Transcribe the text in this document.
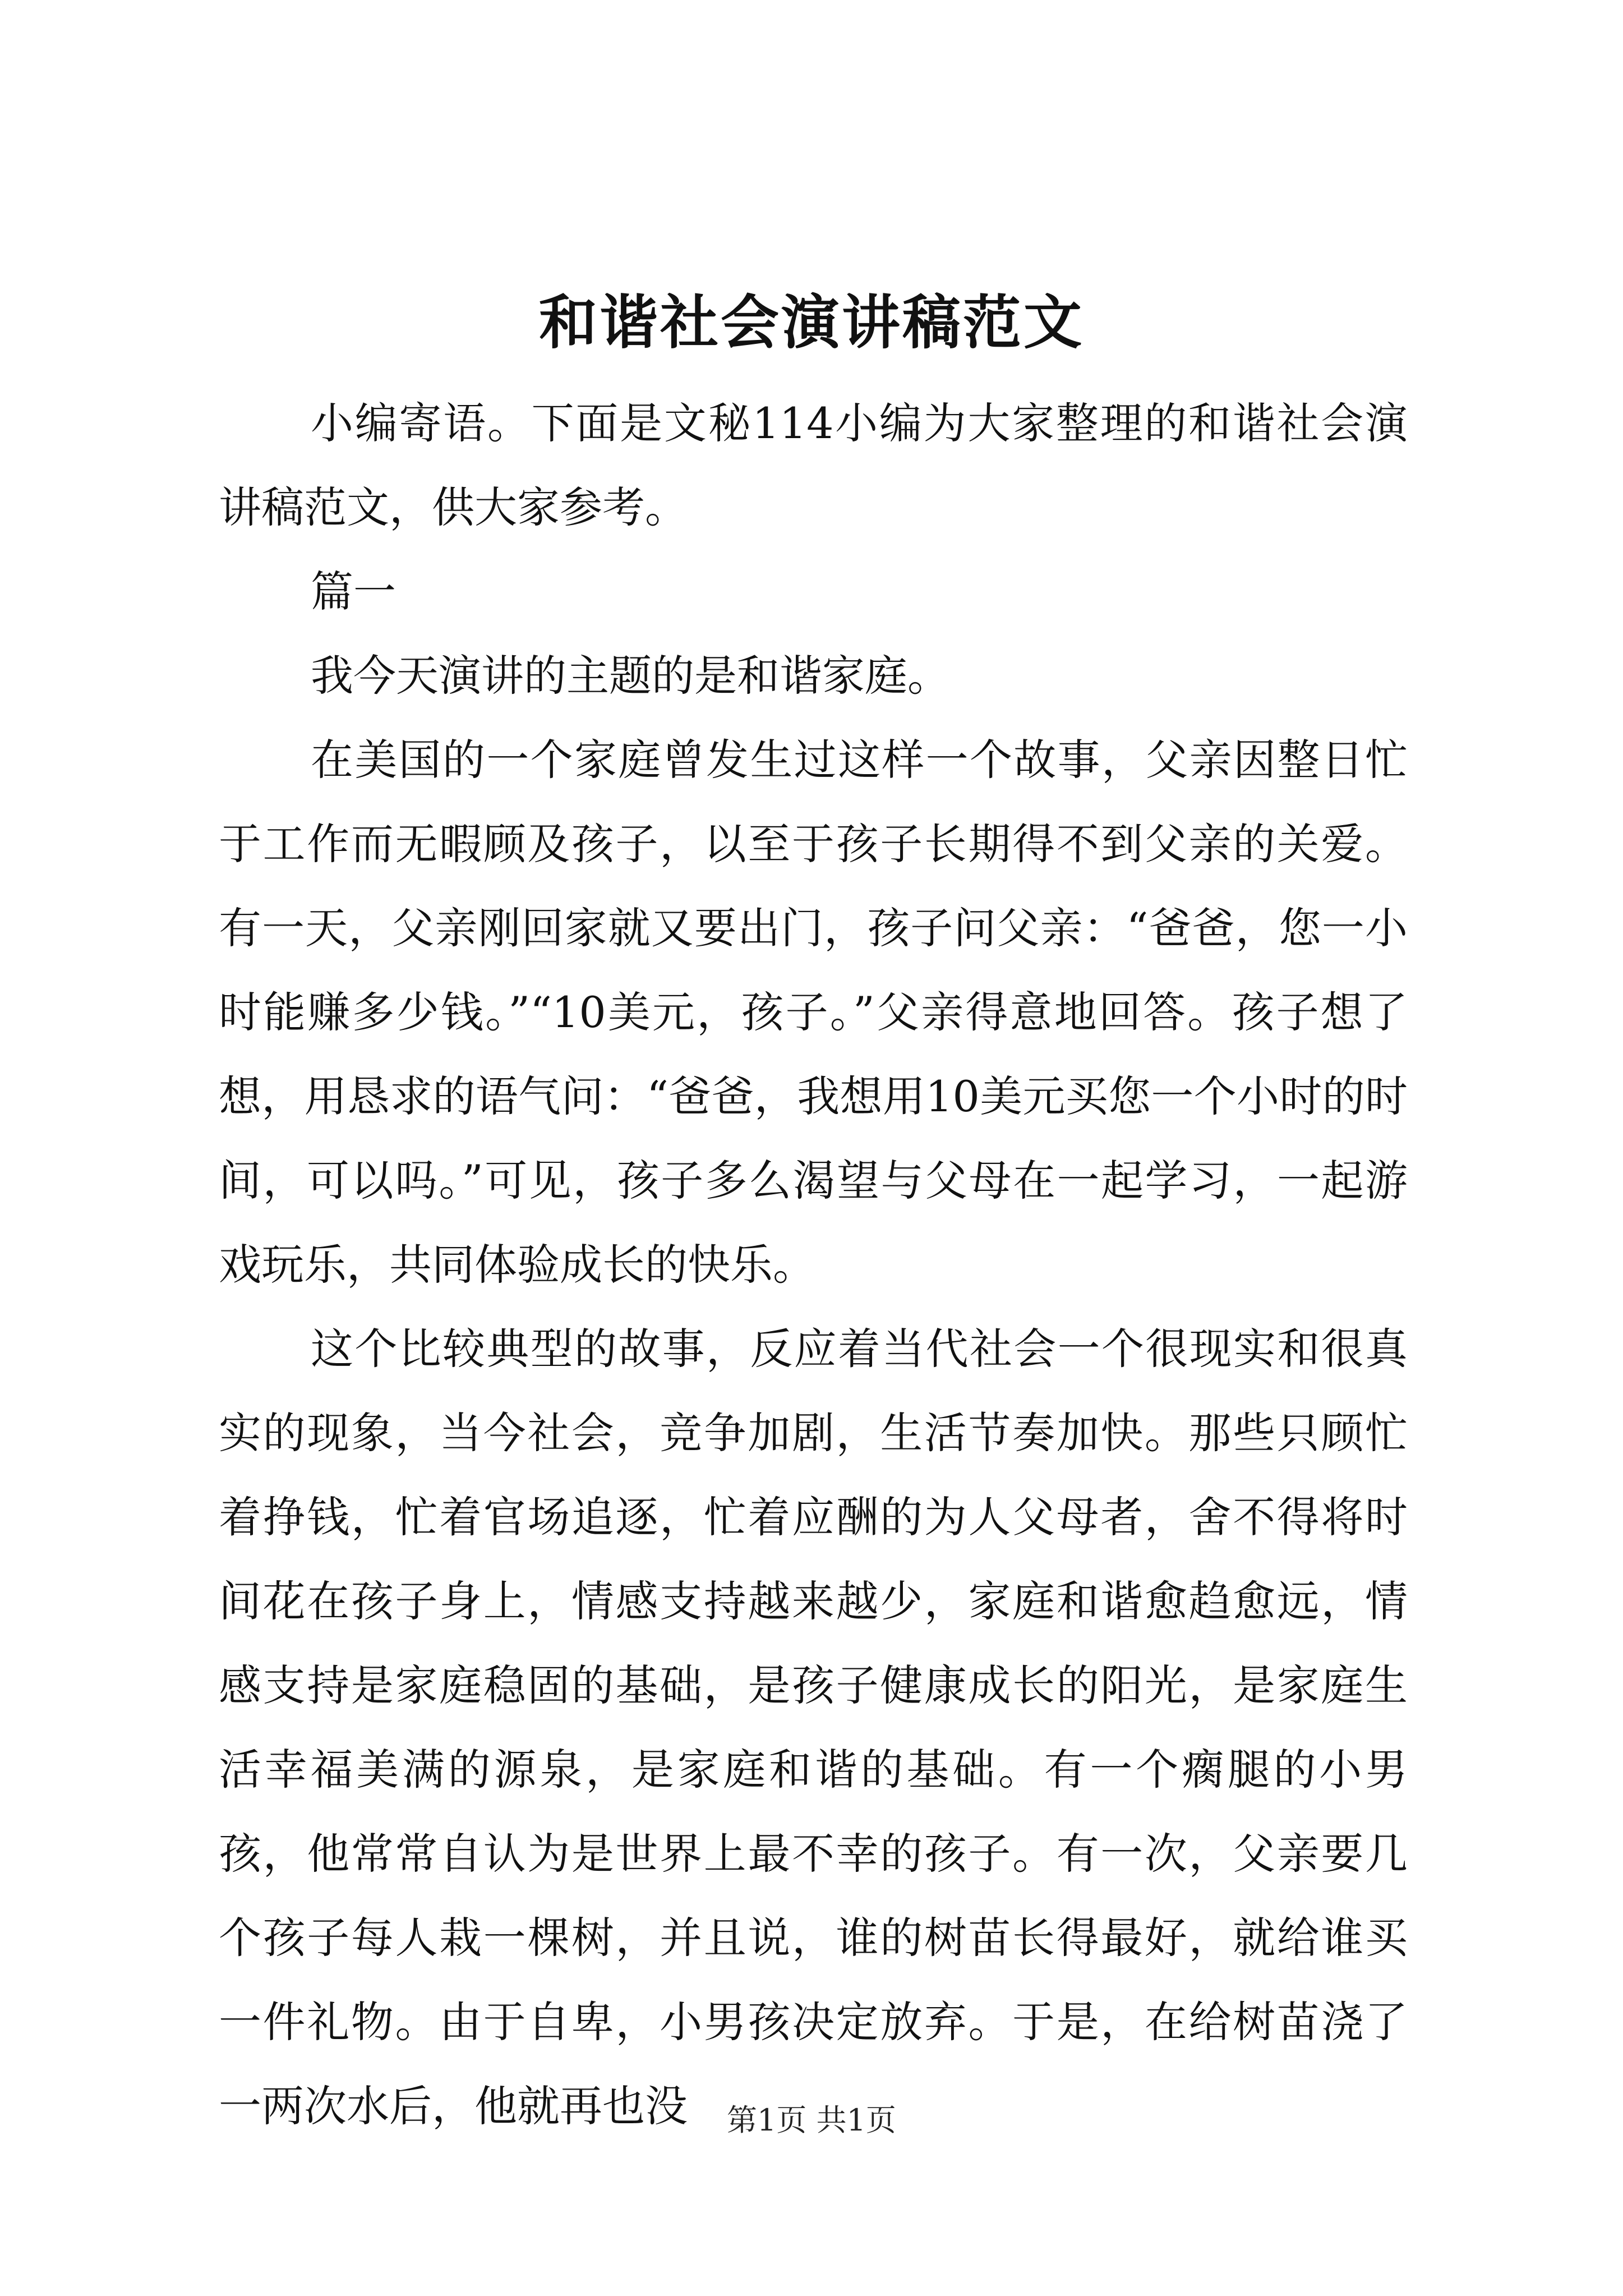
和谐社会演讲稿范文

小编寄语。下面是文秘114小编为大家整理的和谐社会演讲稿范文，供大家参考。

篇一

我今天演讲的主题的是和谐家庭。

在美国的一个家庭曾发生过这样一个故事，父亲因整日忙于工作而无暇顾及孩子，以至于孩子长期得不到父亲的关爱。有一天，父亲刚回家就又要出门，孩子问父亲：“爸爸，您一小时能赚多少钱。”“10美元，孩子。”父亲得意地回答。孩子想了想，用恳求的语气问：“爸爸，我想用10美元买您一个小时的时间，可以吗。”可见，孩子多么渴望与父母在一起学习，一起游戏玩乐，共同体验成长的快乐。

这个比较典型的故事，反应着当代社会一个很现实和很真实的现象，当今社会，竞争加剧，生活节奏加快。那些只顾忙着挣钱，忙着官场追逐，忙着应酬的为人父母者，舍不得将时间花在孩子身上，情感支持越来越少，家庭和谐愈趋愈远，情感支持是家庭稳固的基础，是孩子健康成长的阳光，是家庭生活幸福美满的源泉，是家庭和谐的基础。有一个瘸腿的小男孩，他常常自认为是世界上最不幸的孩子。有一次，父亲要几个孩子每人栽一棵树，并且说，谁的树苗长得最好，就给谁买一件礼物。由于自卑，小男孩决定放弃。于是，在给树苗浇了一两次水后，他就再也没	第1页 共1页
